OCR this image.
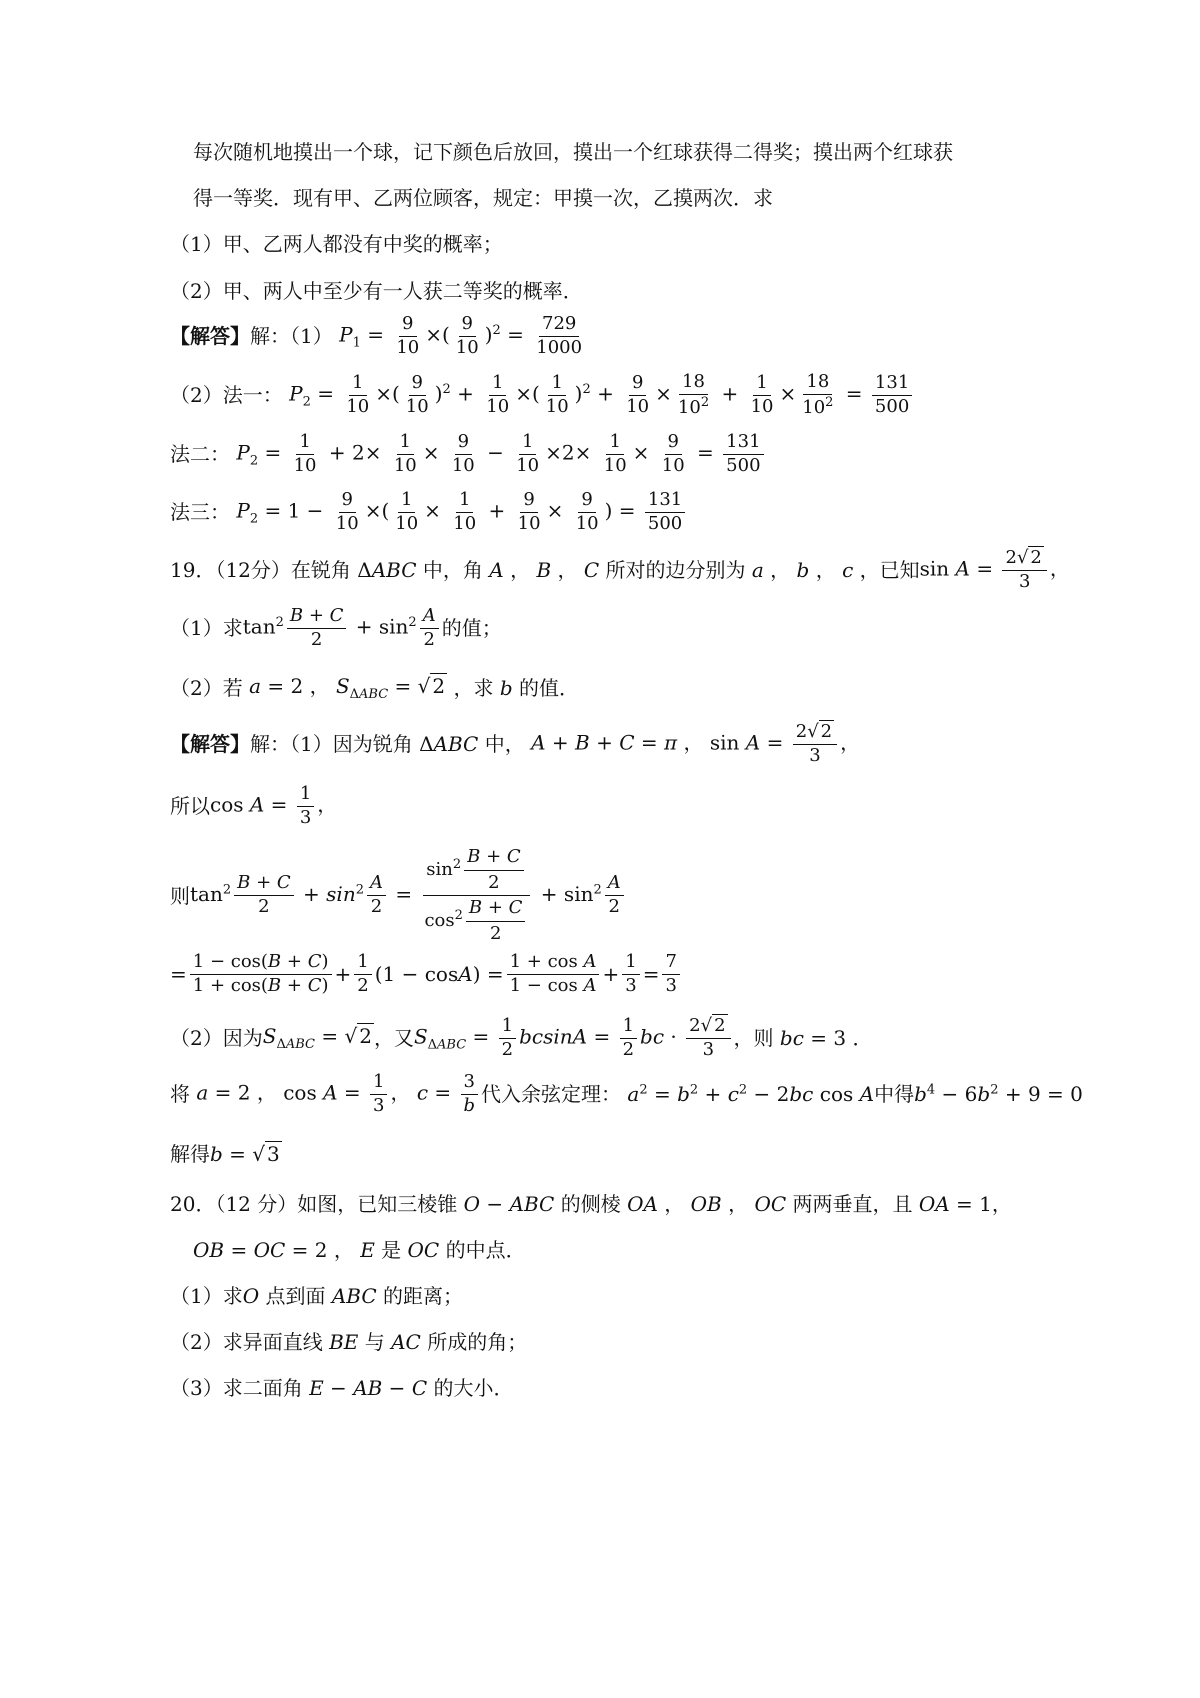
每次随机地摸出一个球，记下颜色后放回，摸出一个红球获得二得奖；摸出两个红球获
得一等奖．现有甲、乙两位顾客，规定：甲摸一次，乙摸两次．求
（1）甲、乙两人都没有中奖的概率；
（2）甲、两人中至少有一人获二等奖的概率．
【解答】 解：（1） $P_1 = \frac{9}{10}$ ×( $\frac{9}{10} )^2 = \frac{729}{1000}$
（2）法一： $P_2 = \frac{1}{10}$ ×( $\frac{9}{10} )^2 + \frac{1}{10}$ ×( $\frac{1}{10} )^2 + \frac{9}{10} \times \frac{18}{10^2} + \frac{1}{10} \times \frac{18}{10^2} = \frac{131}{500}$
法二： $P_2 = \frac{1}{10} + 2\times \frac{1}{10} \times \frac{9}{10} - \frac{1}{10} \times 2\times \frac{1}{10} \times \frac{9}{10} = \frac{131}{500}$
法三： $P_2 = 1 - \frac{9}{10}$ ×( $\frac{1}{10} \times \frac{1}{10} + \frac{9}{10} \times \frac{9}{10}$ ) = $\frac{131}{500}$
19．（12分）在锐角 ΔABC 中，角 A ， B ， C 所对的边分别为 a ， b ， c ，已知 $\sin A = \frac{2√ 2}{3}$ ，
（1）求 $\tan^2 \frac{B + C}{2} + \sin^2 \frac{A}{2}$ 的值；
（2）若 a = 2 ， $S_{\Delta ABC}$ = √ 2 ，求 b 的值．
【解答】 解：（1）因为锐角 ΔABC 中， A + B + C = π ， $\sin A = \frac{2√ 2}{3}$ ，
所以 $\cos A = \frac{1}{3}$ ，
则 $\tan^2 \frac{B + C}{2} + \sin^2 \frac{A}{2} = \frac{\sin^2 \frac{B + C}{2}}{\cos^2 \frac{B + C}{2}} + \sin^2 \frac{A}{2}$
= $\frac{1 - \cos(B + C)}{1 + \cos(B + C)} + \frac{1}{2} (1 - \cos A$ ) = $\frac{\text{1 + cos A}}{\text{1 − cos A}} + \frac{1}{3} = \frac{7}{3}$
（2）因为 $S_{\Delta ABC}$ = √ 2 ，又 $S_{\Delta ABC} = \frac{1}{2}$ $bcsinA = \frac{1}{2}$ bc · $\frac{2√ 2}{3}$ ，则 bc = 3 ．
将 a = 2 ， $\cos A = \frac{1}{3}$ ， $c = \frac{3}{b}$ 代入余弦定理： $a^2 = b^2 + c^2 - 2bc$ cos A 中得 $b^4 - 6b^2 + 9 = 0$
解得 b = √ 3
20．（12 分）如图，已知三棱锥 O − ABC 的侧棱 OA ， OB ， OC 两两垂直，且 OA = 1，
OB = OC = 2 ， E 是 OC 的中点．
（1）求 O 点到面 ABC 的距离；
（2）求异面直线 BE 与 AC 所成的角；
（3）求二面角 E − AB − C 的大小．
